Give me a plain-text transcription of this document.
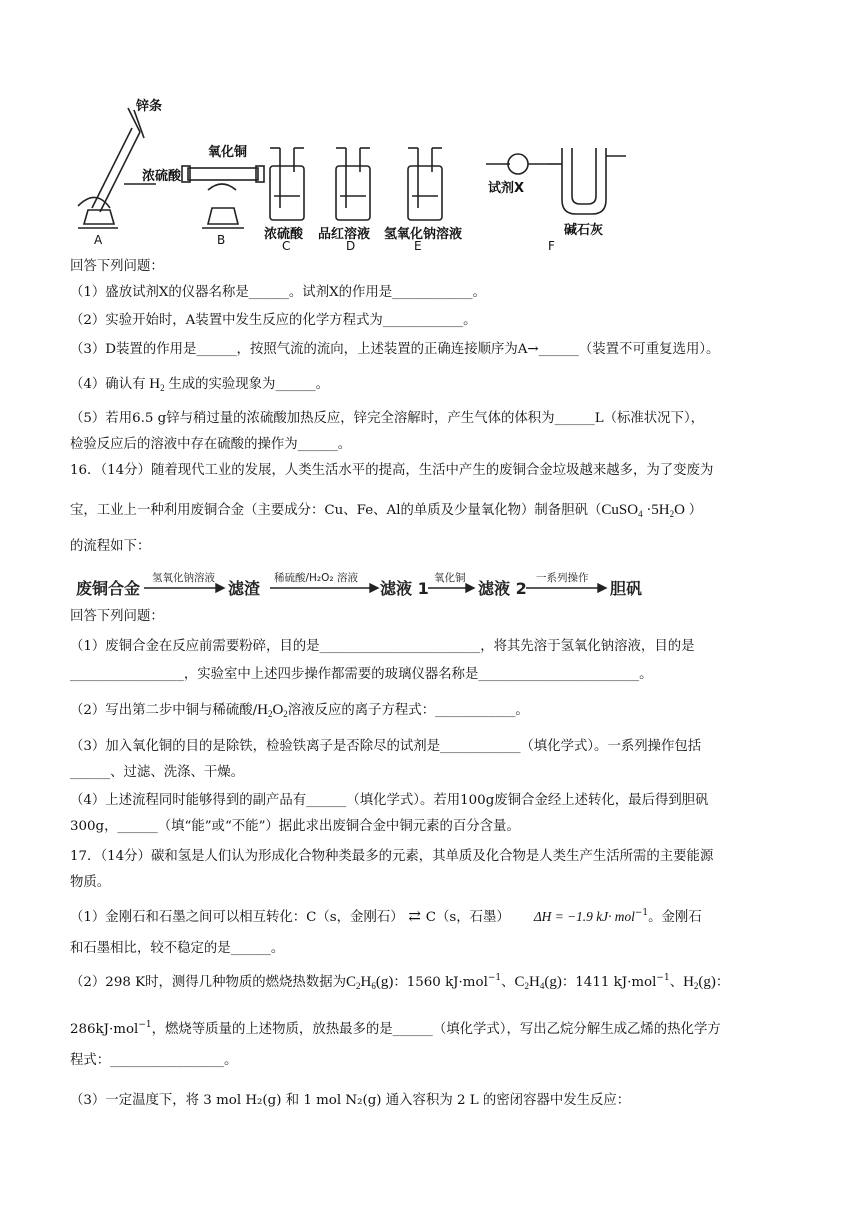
锌条
浓硫酸
氧化铜
浓硫酸 品红溶液 氢氧化钠溶液
试剂X
碱石灰
A	B	C	D	E	F
回答下列问题：
（1）盛放试剂X的仪器名称是______。试剂X的作用是____________。
（2）实验开始时，A装置中发生反应的化学方程式为____________。
（3）D装置的作用是______，按照气流的流向，上述装置的正确连接顺序为A→______（装置不可重复选用）。
（4）确认有 $H_2$ 生成的实验现象为______。
（5）若用6.5 g锌与稍过量的浓硫酸加热反应，锌完全溶解时，产生气体的体积为______L（标准状况下），
检验反应后的溶液中存在硫酸的操作为______。
16．（14分）随着现代工业的发展，人类生活水平的提高，生活中产生的废铜合金垃圾越来越多，为了变废为
宝，工业上一种利用废铜合金（主要成分：Cu、Fe、Al的单质及少量氧化物）制备胆矾（CuSO$_4$ $\cdot 5H_2O$ ）
的流程如下：
废铜合金
氢氧化钠溶液
滤渣
稀硫酸/H₂O₂ 溶液
滤液 1
氧化铜
滤液 2
一系列操作
胆矾
回答下列问题：
（1）废铜合金在反应前需要粉碎，目的是________________________，将其先溶于氢氧化钠溶液，目的是
_________________，实验室中上述四步操作都需要的玻璃仪器名称是________________________。
（2）写出第二步中铜与稀硫酸$/H_2O_2$溶液反应的离子方程式：____________。
（3）加入氧化铜的目的是除铁，检验铁离子是否除尽的试剂是____________（填化学式）。一系列操作包括
______、过滤、洗涤、干燥。
（4）上述流程同时能够得到的副产品有______（填化学式）。若用100g废铜合金经上述转化，最后得到胆矾
300g，______（填“能”或“不能”）据此求出废铜合金中铜元素的百分含量。
17．（14分）碳和氢是人们认为形成化合物种类最多的元素，其单质及化合物是人类生产生活所需的主要能源
物质。
（1）金刚石和石墨之间可以相互转化：C（s，金刚石） ⇄ C（s，石墨） ΔH = −1.9 kJ· mol$^{-1}$。金刚石
和石墨相比，较不稳定的是______。
（2）298 K时，测得几种物质的燃烧热数据为$C_2H_6(g)$：1560 kJ·mol$^{-1}$、$C_2H_4(g)$：1411 kJ·mol$^{-1}$、$H_2(g)$：
286kJ·mol$^{-1}$，燃烧等质量的上述物质，放热最多的是______（填化学式），写出乙烷分解生成乙烯的热化学方
程式：_________________。
（3）一定温度下，将 3 mol H₂(g) 和 1 mol N₂(g) 通入容积为 2 L 的密闭容器中发生反应：
